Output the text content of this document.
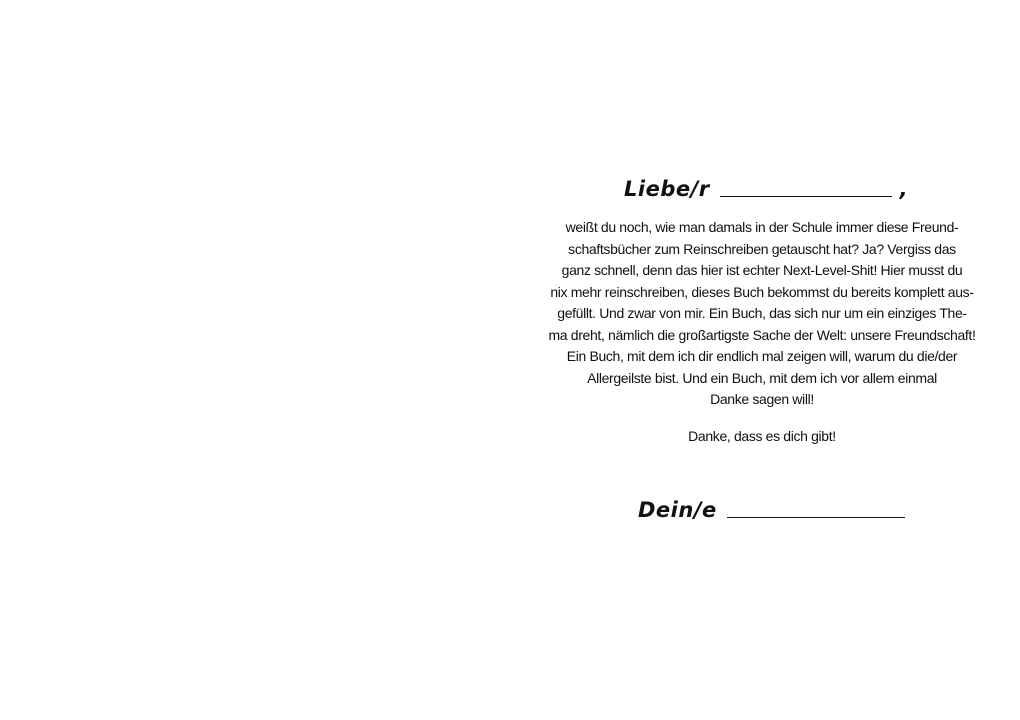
Liebe/r	,
weißt du noch, wie man damals in der Schule immer diese Freund-
schaftsbücher zum Reinschreiben getauscht hat? Ja? Vergiss das
ganz schnell, denn das hier ist echter Next-Level-Shit! Hier musst du
nix mehr reinschreiben, dieses Buch bekommst du bereits komplett aus-
gefüllt. Und zwar von mir. Ein Buch, das sich nur um ein einziges The-
ma dreht, nämlich die großartigste Sache der Welt: unsere Freundschaft!
Ein Buch, mit dem ich dir endlich mal zeigen will, warum du die/der
Allergeilste bist. Und ein Buch, mit dem ich vor allem einmal
Danke sagen will!
Danke, dass es dich gibt!
Dein/e
